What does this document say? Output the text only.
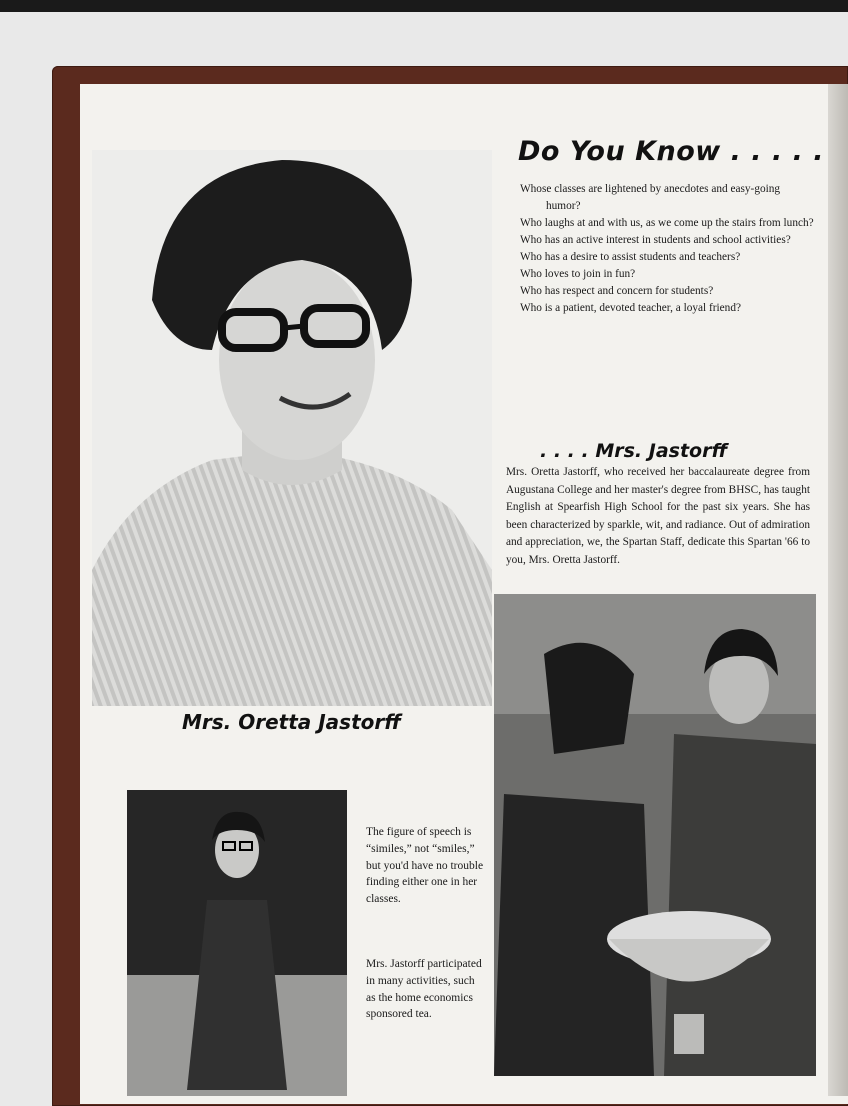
Do You Know . . . . .
Whose classes are lightened by anecdotes and easy-going humor?
Who laughs at and with us, as we come up the stairs from lunch?
Who has an active interest in students and school activities?
Who has a desire to assist students and teachers?
Who loves to join in fun?
Who has respect and concern for students?
Who is a patient, devoted teacher, a loyal friend?
. . . . Mrs. Jastorff

Mrs. Oretta Jastorff, who received her baccalaureate degree from Augustana College and her master's degree from BHSC, has taught English at Spearfish High School for the past six years. She has been characterized by sparkle, wit, and radiance. Out of admiration and appreciation, we, the Spartan Staff, dedicate this Spartan '66 to you, Mrs. Oretta Jastorff.

Mrs. Oretta Jastorff

The figure of speech is “similes,” not “smiles,” but you'd have no trouble finding either one in her classes.

Mrs. Jastorff participated in many activities, such as the home economics sponsored tea.
